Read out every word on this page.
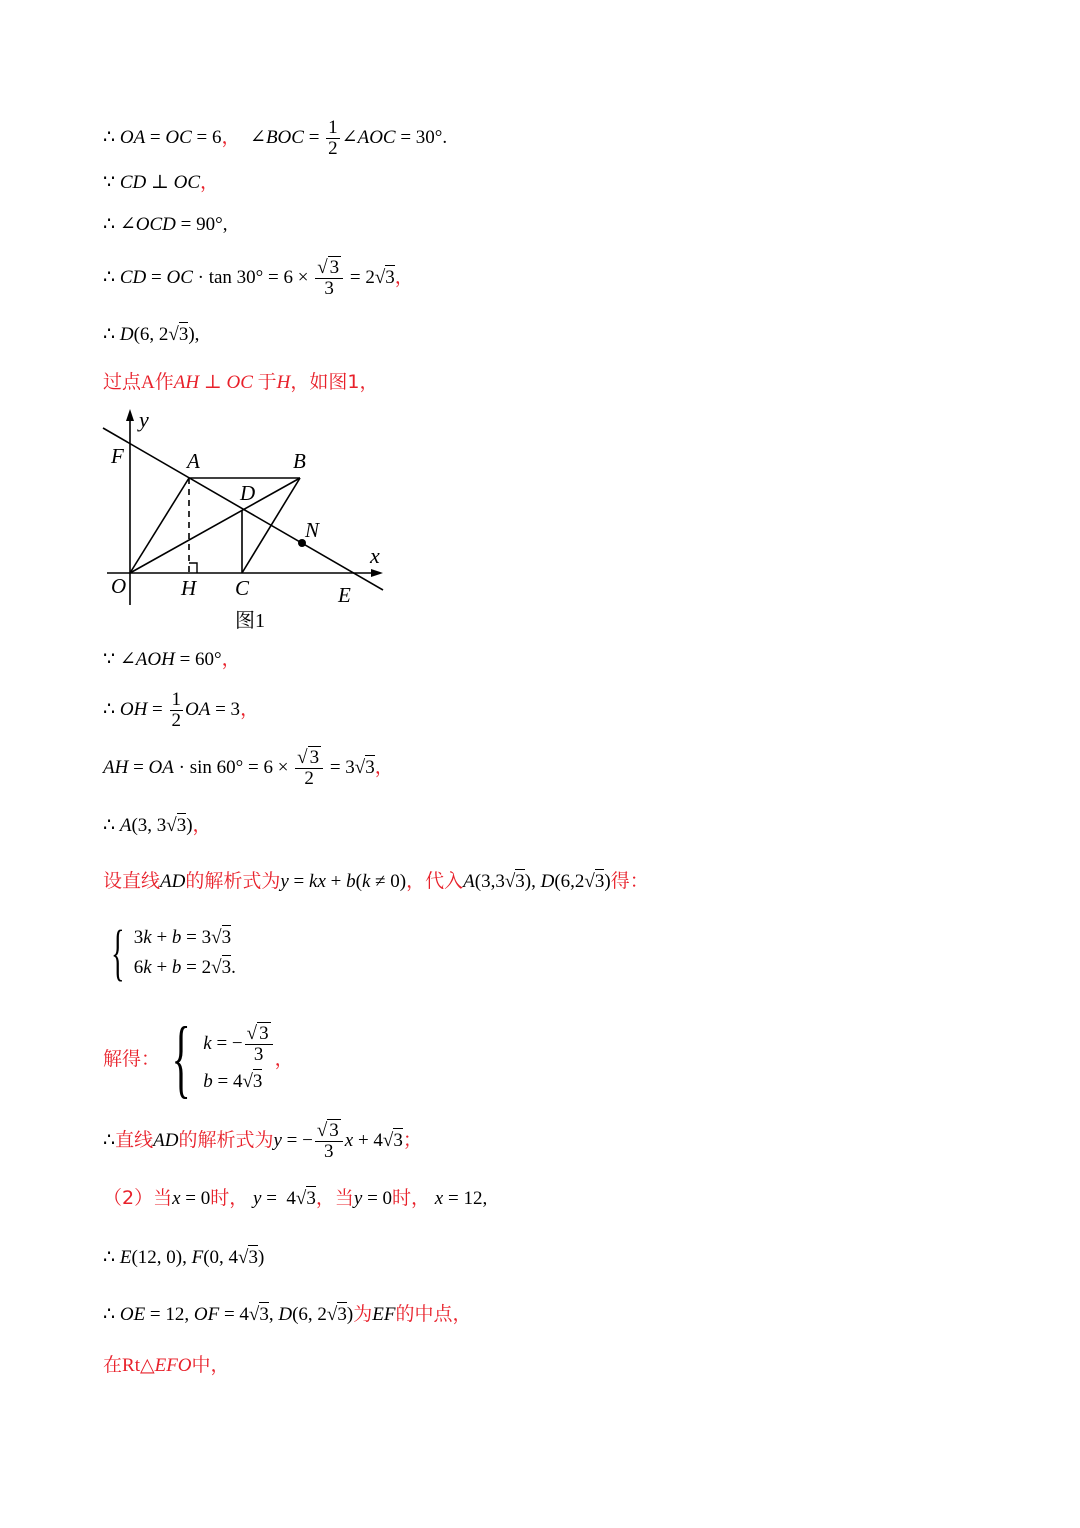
∴ OA = OC = 6，  ∠BOC = $\frac{1}{2}$ ∠AOC = 30°.
∵ CD ⊥ OC，
∴ ∠OCD = 90°,
∴ CD = OC · $\tan 30^\circ = 6 \times \frac{√ 3}{3} = 2√3$，
∴ D(6, 2√3),
过点A作AH ⊥ OC 于H，如图1，
y
F	A	B
D
N
x
O	H C	E
图1
∵ ∠AOH = 60°，
∴ OH = $\frac{1}{2}$ OA = 3，
AH = OA · $\sin 60^\circ = 6 \times \frac{√ 3}{2} = 3√3$，
∴ A(3, 3√3)，
设直线AD的解析式为y = kx + b(k ≠ 0)，代入A(3,3√3), D(6,2√3)得：
{ 3k + b = 3√3
6k + b = 2√3.
解得： { k = − $\frac{√ 3}{3}$

b = 4√3
，
∴直线AD的解析式为y = − $\frac{√ 3}{3}$ x + 4√3；
（2）当x = 0时， y =  4√3，当y = 0时， x = 12,
∴ E(12, 0), F(0, 4√3)
∴ OE = 12, OF = 4√3, D(6, 2√3)为EF的中点，
在Rt△EFO中，
